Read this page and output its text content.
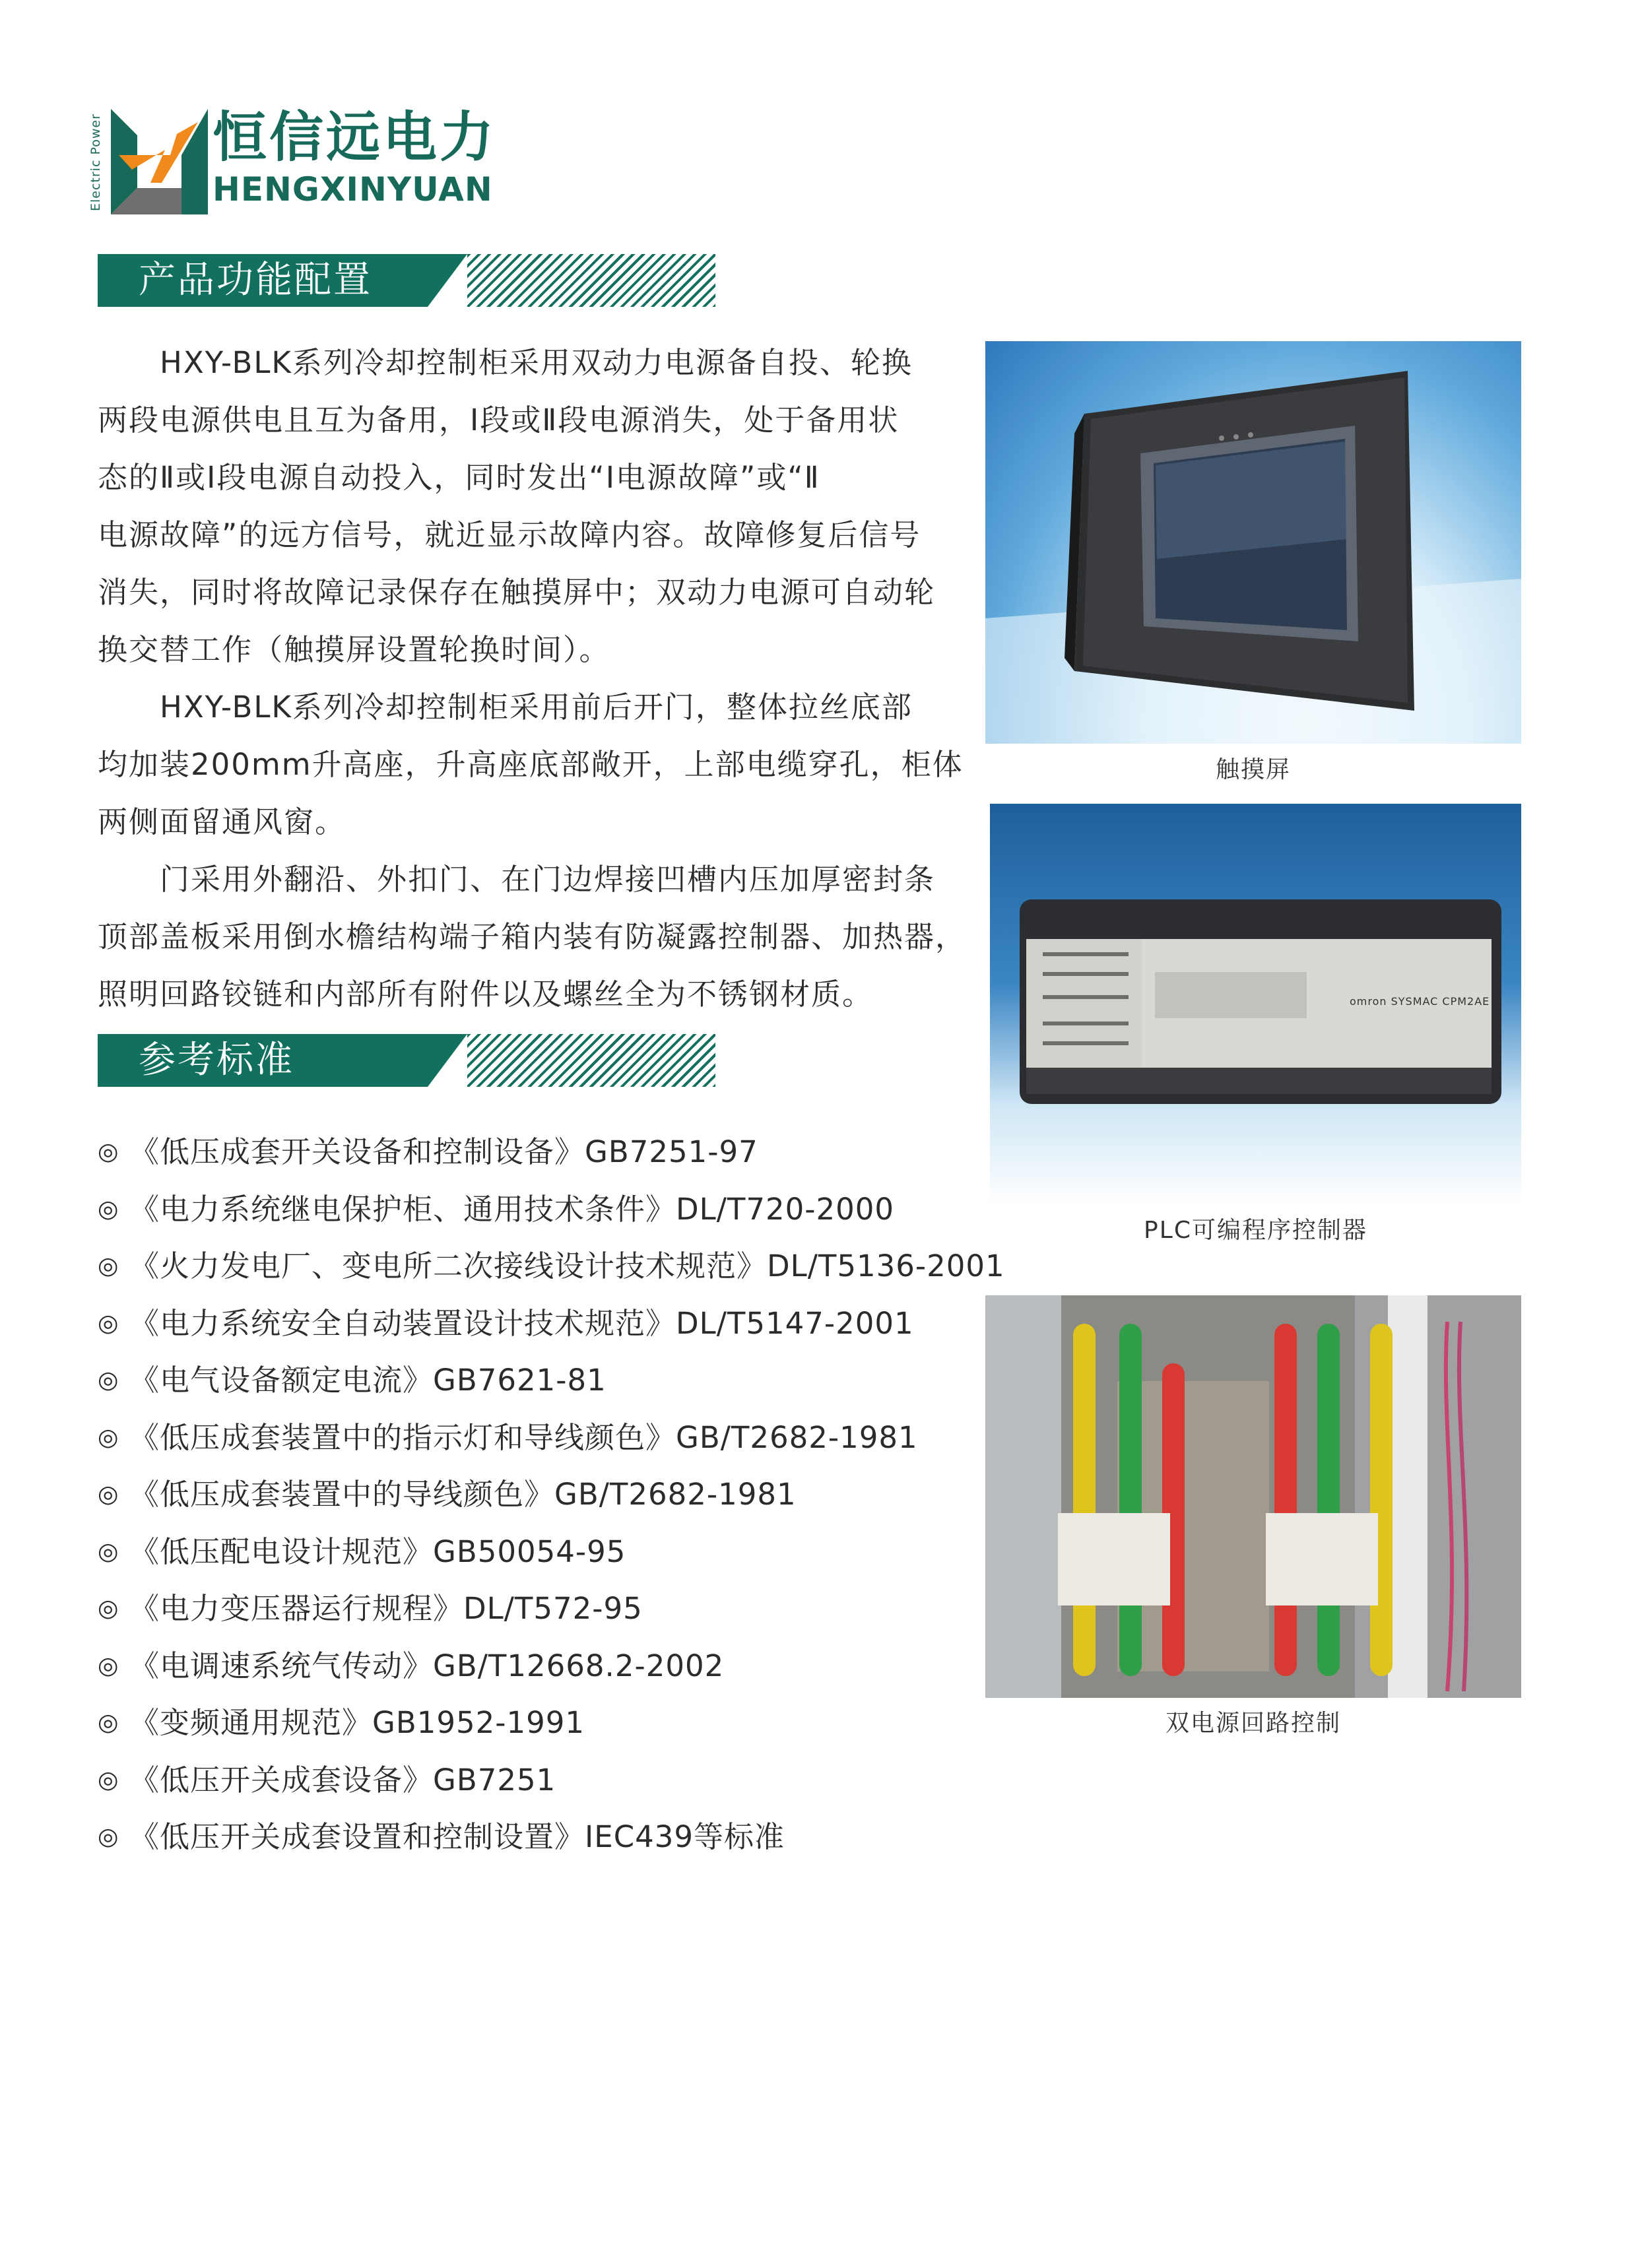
Electric Power 恒信远电力
HENGXINYUAN
产品功能配置

　　HXY-BLK系列冷却控制柜采用双动力电源备自投、轮换

两段电源供电且互为备用，Ⅰ段或Ⅱ段电源消失，处于备用状

态的Ⅱ或Ⅰ段电源自动投入，同时发出“Ⅰ电源故障”或“Ⅱ

电源故障”的远方信号，就近显示故障内容。故障修复后信号

消失，同时将故障记录保存在触摸屏中；双动力电源可自动轮

换交替工作（触摸屏设置轮换时间）。

　　HXY-BLK系列冷却控制柜采用前后开门，整体拉丝底部

均加装200mm升高座，升高座底部敞开，上部电缆穿孔，柜体

两侧面留通风窗。

　　门采用外翻沿、外扣门、在门边焊接凹槽内压加厚密封条

顶部盖板采用倒水檐结构端子箱内装有防凝露控制器、加热器，

照明回路铰链和内部所有附件以及螺丝全为不锈钢材质。

参考标准
◎ 《低压成套开关设备和控制设备》GB7251-97
◎ 《电力系统继电保护柜、通用技术条件》DL/T720-2000
◎ 《火力发电厂、变电所二次接线设计技术规范》DL/T5136-2001
◎ 《电力系统安全自动装置设计技术规范》DL/T5147-2001
◎ 《电气设备额定电流》GB7621-81
◎ 《低压成套装置中的指示灯和导线颜色》GB/T2682-1981
◎ 《低压成套装置中的导线颜色》GB/T2682-1981
◎ 《低压配电设计规范》GB50054-95
◎ 《电力变压器运行规程》DL/T572-95
◎ 《电调速系统气传动》GB/T12668.2-2002
◎ 《变频通用规范》GB1952-1991
◎ 《低压开关成套设备》GB7251
◎ 《低压开关成套设置和控制设置》IEC439等标准
触摸屏
omron SYSMAC CPM2AE
PLC可编程序控制器
双电源回路控制
